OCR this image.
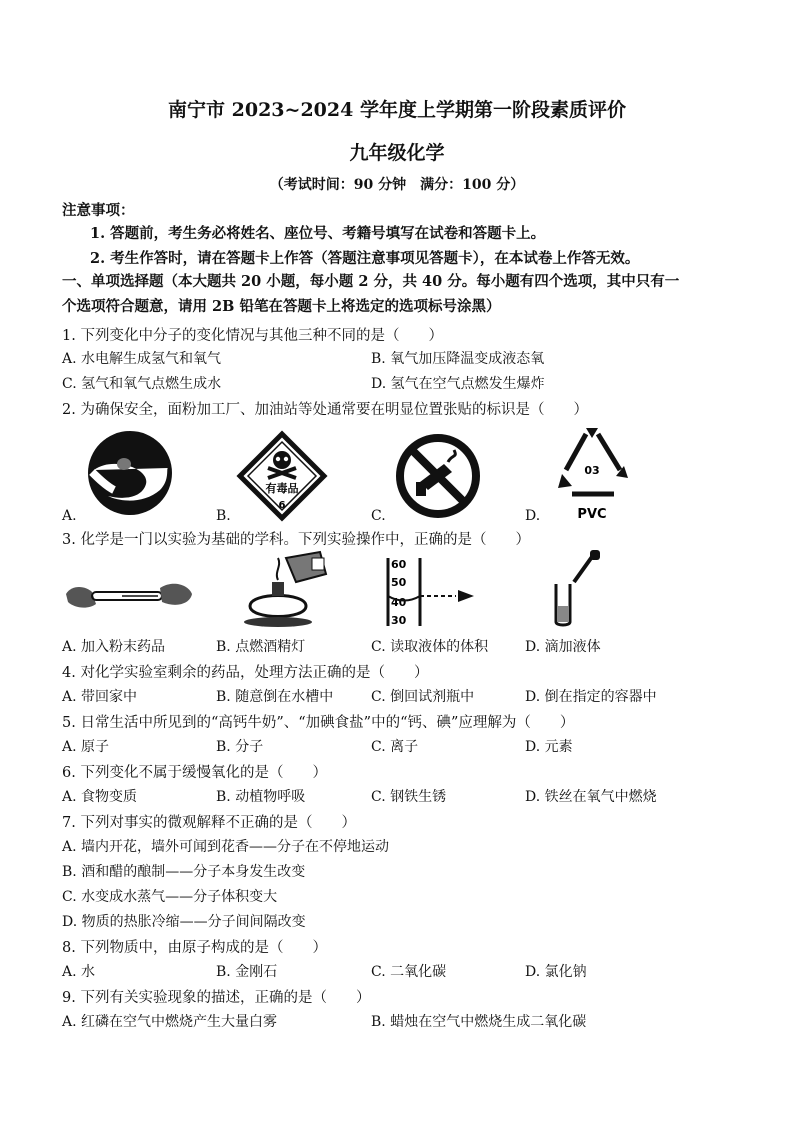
南宁市 2023~2024 学年度上学期第一阶段素质评价
九年级化学
（考试时间：90 分钟　满分：100 分）
注意事项：
1. 答题前，考生务必将姓名、座位号、考籍号填写在试卷和答题卡上。
2. 考生作答时，请在答题卡上作答（答题注意事项见答题卡），在本试卷上作答无效。
一、单项选择题（本大题共 20 小题，每小题 2 分，共 40 分。每小题有四个选项，其中只有一
个选项符合题意，请用 2B 铅笔在答题卡上将选定的选项标号涂黑）
1. 下列变化中分子的变化情况与其他三种不同的是（　　）
A. 水电解生成氢气和氧气	B. 氧气加压降温变成液态氧
C. 氢气和氧气点燃生成水	D. 氢气在空气点燃发生爆炸
2. 为确保安全，面粉加工厂、加油站等处通常要在明显位置张贴的标识是（　　）
A.
有毒品
6
B.	C.
03
PVC
D.
3. 化学是一门以实验为基础的学科。下列实验操作中，正确的是（　　）
A. 加入粉末药品	B. 点燃酒精灯
60
50
40
30
C. 读取液体的体积	D. 滴加液体
4. 对化学实验室剩余的药品，处理方法正确的是（　　）
A. 带回家中	B. 随意倒在水槽中	C. 倒回试剂瓶中	D. 倒在指定的容器中
5. 日常生活中所见到的“高钙牛奶”、“加碘食盐”中的“钙、碘”应理解为（　　）
A. 原子	B. 分子	C. 离子	D. 元素
6. 下列变化不属于缓慢氧化的是（　　）
A. 食物变质	B. 动植物呼吸	C. 钢铁生锈	D. 铁丝在氧气中燃烧
7. 下列对事实的微观解释不正确的是（　　）
A. 墙内开花，墙外可闻到花香——分子在不停地运动
B. 酒和醋的酿制——分子本身发生改变
C. 水变成水蒸气——分子体积变大
D. 物质的热胀冷缩——分子间间隔改变
8. 下列物质中，由原子构成的是（　　）
A. 水	B. 金刚石	C. 二氧化碳	D. 氯化钠
9. 下列有关实验现象的描述，正确的是（　　）
A. 红磷在空气中燃烧产生大量白雾	B. 蜡烛在空气中燃烧生成二氧化碳
